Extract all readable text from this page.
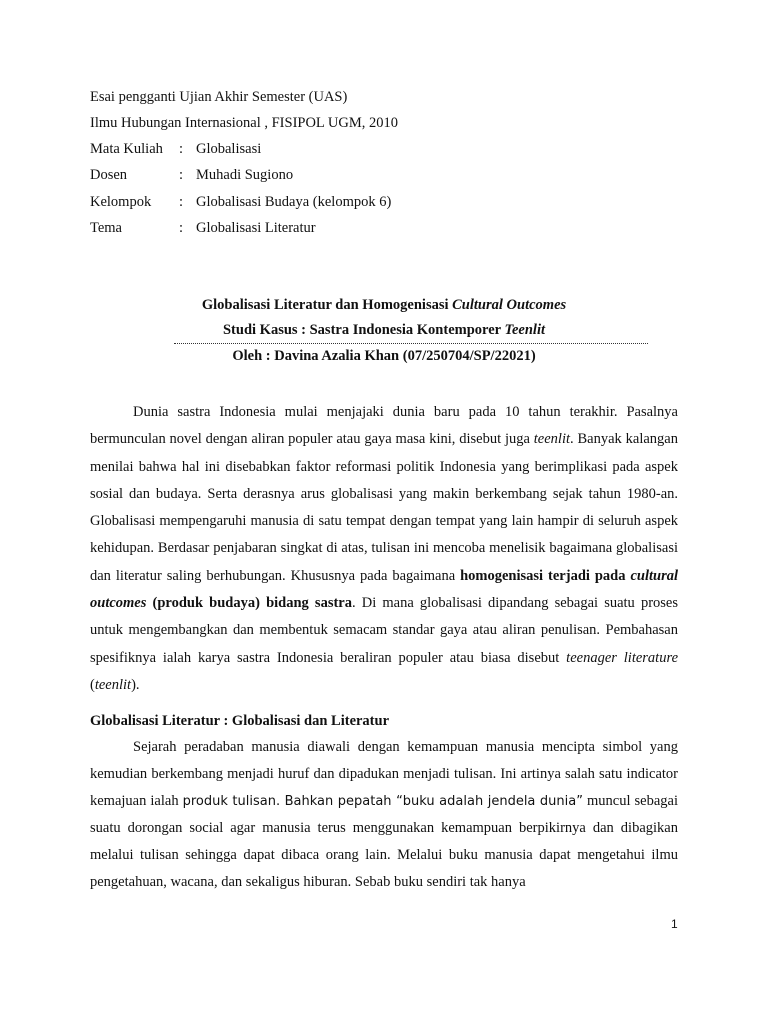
Esai pengganti Ujian Akhir Semester (UAS)
Ilmu Hubungan Internasional , FISIPOL UGM, 2010
Mata Kuliah : Globalisasi
Dosen	: Muhadi Sugiono
Kelompok : Globalisasi Budaya (kelompok 6)
Tema	: Globalisasi Literatur
Globalisasi Literatur dan Homogenisasi Cultural Outcomes
Studi Kasus : Sastra Indonesia Kontemporer Teenlit
Oleh : Davina Azalia Khan (07/250704/SP/22021)

Dunia sastra Indonesia mulai menjajaki dunia baru pada 10 tahun terakhir. Pasalnya bermunculan novel dengan aliran populer atau gaya masa kini, disebut juga teenlit. Banyak kalangan menilai bahwa hal ini disebabkan faktor reformasi politik Indonesia yang berimplikasi pada aspek sosial dan budaya. Serta derasnya arus globalisasi yang makin berkembang sejak tahun 1980-an. Globalisasi mempengaruhi manusia di satu tempat dengan tempat yang lain hampir di seluruh aspek kehidupan. Berdasar penjabaran singkat di atas, tulisan ini mencoba menelisik bagaimana globalisasi dan literatur saling berhubungan. Khususnya pada bagaimana homogenisasi terjadi pada cultural outcomes (produk budaya) bidang sastra. Di mana globalisasi dipandang sebagai suatu proses untuk mengembangkan dan membentuk semacam standar gaya atau aliran penulisan. Pembahasan spesifiknya ialah karya sastra Indonesia beraliran populer atau biasa disebut teenager literature (teenlit).

Globalisasi Literatur : Globalisasi dan Literatur

Sejarah peradaban manusia diawali dengan kemampuan manusia mencipta simbol yang kemudian berkembang menjadi huruf dan dipadukan menjadi tulisan. Ini artinya salah satu indicator kemajuan ialah produk tulisan. Bahkan pepatah “buku adalah jendela dunia” muncul sebagai suatu dorongan social agar manusia terus menggunakan kemampuan berpikirnya dan dibagikan melalui tulisan sehingga dapat dibaca orang lain. Melalui buku manusia dapat mengetahui ilmu pengetahuan, wacana, dan sekaligus hiburan. Sebab buku sendiri tak hanya

1
